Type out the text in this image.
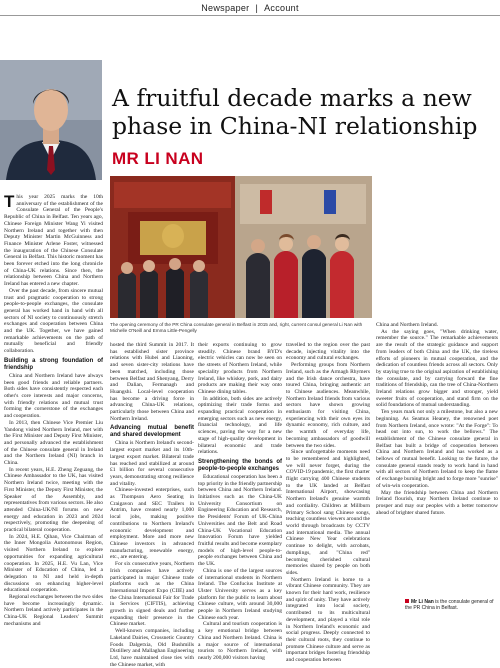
Newspaper | Account
A fruitful decade marks a new phase in China-NI relationship
MR LI NAN

This year 2025 marks the 10th anniversary of the establishment of the Consulate General of the People's Republic of China in Belfast. Ten years ago, Chinese Foreign Minister Wang Yi visited Northern Ireland and together with then Deputy Minister Martin McGuinness and Finance Minister Arlene Foster, witnessed the inauguration of the Chinese Consulate General in Belfast. This historic moment has been forever etched into the long chronicle of China-UK relations. Since then, the relationship between China and Northern Ireland has entered a new chapter.

Over the past decade, from sincere mutual trust and pragmatic cooperation to strong people-to-people exchanges, the consulate general has worked hand in hand with all sectors of NI society to continuously stretch exchanges and cooperation between China and the UK. Together, we have gained remarkable achievements on the path of mutually beneficial and friendly collaboration.

Building a strong foundation of friendship

China and Northern Ireland have always been good friends and reliable partners. Both sides have consistently respected each other's core interests and major concerns, with friendly relations and mutual trust forming the cornerstone of the exchanges and cooperation.

In 2013, then Chinese Vice Premier Liu Yandong visited Northern Ireland, met with the First Minister and Deputy First Minister, and personally advanced the establishment of the Chinese consulate general in Ireland and the Northern Ireland (NI) branch in China.

In recent years, H.E. Zheng Zeguang, the Chinese Ambassador to the UK, has visited Northern Ireland twice, meeting with the First Minister, the Deputy First Minister, the Speaker of the Assembly, and representatives from various sectors. He also attended China-UK/NI forums on new energy and education in 2023 and 2024 respectively, promoting the deepening of practical bilateral cooperation.

In 2024, H.E. Qihan, Vice Chairman of the Inner Mongolia Autonomous Region, visited Northern Ireland to explore opportunities for expanding agricultural cooperation. In 2025, H.E. Vu Lan, Vice Minister of Education of China, led a delegation to NI and held in-depth discussions on enhancing higher-level educational cooperation.

Regional exchanges between the two sides have become increasingly dynamic. Northern Ireland actively participates in the China-UK Regional Leaders' Summit mechanisms and

The opening ceremony of the PR China consulate general in Belfast in 2015 and, right, current consul general Li Nan with Michelle O'Neill and Emma Little-Pengelly

hosted the third Summit in 2017. It has established sister province relations with Hubei and Liaoning, and seven sister-city relations have been matched, including those between Belfast and Shenyang, Derry and Dalian, Fermanagh and Huangshi. Local-level cooperation has become a driving force in advancing China-UK relations, particularly those between China and Northern Ireland.

Advancing mutual benefit and shared development

China is Northern Ireland's second-largest export market and its 10th-largest export market. Bilateral trade has reached and stabilized at around £1 billion for several consecutive years, demonstrating strong resilience and vitality.

Chinese-invested enterprises, such as Thompson Aero Seating in Craigavon and SEC Trailers in Antrim, have created nearly 1,000 local jobs, making positive contributions to Northern Ireland's economic development and employment. More and more new Chinese investors in advanced manufacturing, renewable energy, etc., are entering.

For six consecutive years, Northern Irish companies have actively participated in major Chinese trade platforms such as the China International Import Expo (CIIE) and the China International Fair for Trade in Services (CIFTIS), achieving growth in signed deals and further expanding their presence in the Chinese market.

Well-known companies, including Lakeland Dairies, Crossnetic Country Foods Dalgetxia, Old Bushmills Distillery and Mallaghan Engineering Ltd, have maintained close ties with the Chinese market, with

their exports continuing to grow steadily. Chinese brand BYD's electric vehicles can now be seen on the streets of Northern Ireland, while speciality products from Northern Ireland, like whiskey, pork, and dairy products are making their way onto Chinese dining tables.

In addition, both sides are actively optimizing their trade forms and expanding practical cooperation in emerging sectors such as new energy, financial technology, and life sciences, paving the way for a new stage of high-quality development in bilateral economic and trade relations.

Strengthening the bonds of people-to-people exchanges

Educational cooperation has been a top priority in the friendly partnership between China and Northern Ireland. Initiatives such as the China-UK University Consortium on Engineering Education and Research, the Presidents' Forum of UK-China Universities and the Belt and Road China-UK Vocational Education Innovation Forum have yielded fruitful results and become exemplary models of high-level people-to-people exchanges between China and the UK.

China is one of the largest sources of international students in Northern Ireland. The Confucius Institute at Ulster University serves as a key platform for the public to learn about Chinese culture, with around 30,000 people in Northern Ireland studying Chinese each year.

Cultural and tourism cooperation is a key emotional bridge between China and Northern Ireland. China is a major source of international tourists to Northern Ireland, with nearly 200,000 visitors having

travelled to the region over the past decade, injecting vitality into the economy and cultural exchanges.

Performing groups from Northern Ireland, such as the Armagh Rhymers and the Irish dance orchestra, have toured China, bringing authentic art to Chinese audiences. Meanwhile, Northern Ireland friends from various sectors have shown growing enthusiasm for visiting China, experiencing with their own eyes its dynamic economy, rich culture, and the warmth of everyday life, becoming ambassadors of goodwill between the two sides.

Since unforgettable moments need to be remembered and highlighted, we will never forget, during the COVID-19 pandemic, the first charter flight carrying 400 Chinese students to the UK landed at Belfast International Airport, showcasing Northern Ireland's genuine warmth and cordiality. Children at Millburn Primary School sang Chinese songs, teaching countless viewers around the world through broadcasts by CCTV and international media. The annual Chinese New Year celebrations continue to delight, with acrobats, dumplings, and "China red" becoming cherished cultural memories shared by people on both sides.

Northern Ireland is home to a vibrant Chinese community. They are known for their hard work, resilience and spirit of unity. They have actively integrated into local society, contributed to its multicultural development, and played a vital role in Northern Ireland's economic and social progress. Deeply connected to their cultural roots, they continue to promote Chinese culture and serve as important bridges fostering friendship and cooperation between

China and Northern Ireland.

As the saying goes, "When drinking water, remember the source." The remarkable achievements are the result of the strategic guidance and support from leaders of both China and the UK, the tireless efforts of pioneers in mutual cooperation, and the dedication of countless friends across all sectors. Only by staying true to the original aspiration of establishing the consulate, and by carrying forward the fine traditions of friendship, can the tree of China-Northern Ireland relations grow bigger and stronger, yield sweeter fruits of cooperation, and stand firm on the solid foundations of mutual understanding.

Ten years mark not only a milestone, but also a new beginning. As Seamus Heaney, the renowned poet from Northern Ireland, once wrote: "At the Forge": To head out into sun, to work the bellows." The establishment of the Chinese consulate general in Belfast has built a bridge of cooperation between China and Northern Ireland and has worked as a bellows of mutual benefit. Looking to the future, the consulate general stands ready to work hand in hand with all sectors of Northern Ireland to keep the flame of exchange burning bright and to forge more "sunrise" of win-win cooperation.

May the friendship between China and Northern Ireland flourish, may Northern Ireland continue to prosper and may our peoples with a better tomorrow ahead of brighter shared future.

Mr Li Nan is the consulate general of the PR China in Belfast.
